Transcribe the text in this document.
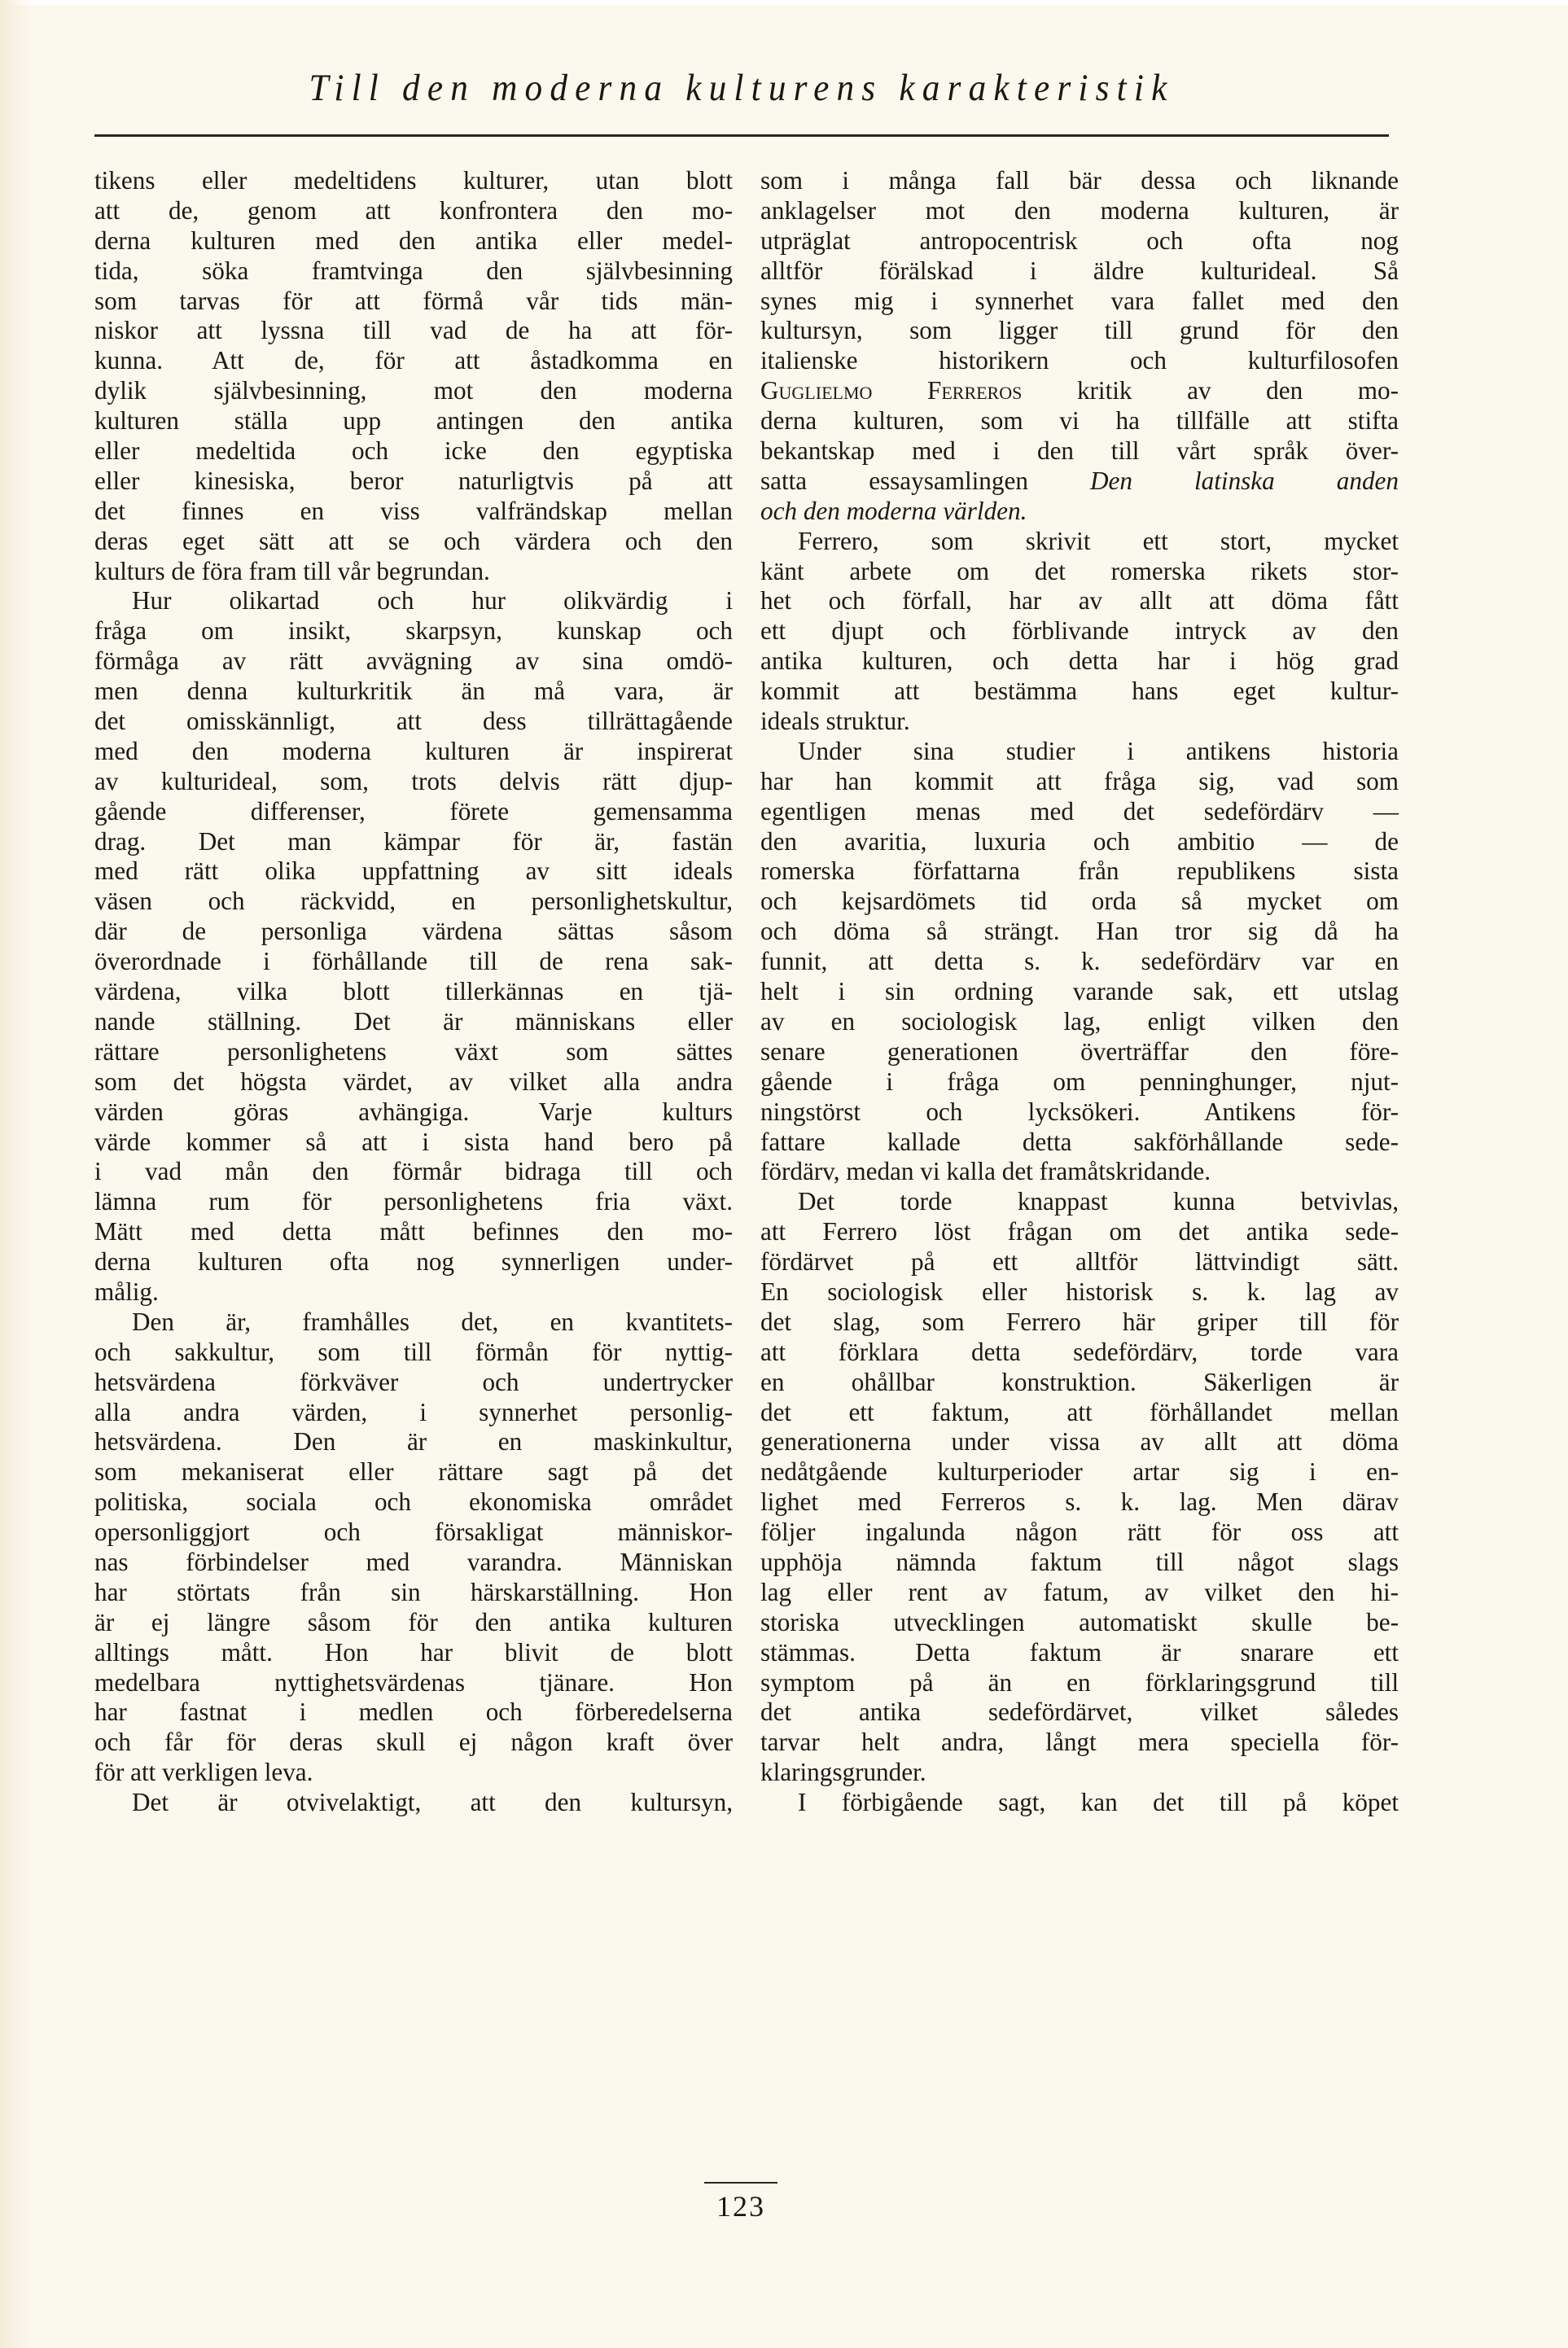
Till den moderna kulturens karakteristik
tikens eller medeltidens kulturer, utan blott
att de, genom att konfrontera den mo-
derna kulturen med den antika eller medel-
tida, söka framtvinga den självbesinning
som tarvas för att förmå vår tids män-
niskor att lyssna till vad de ha att för-
kunna. Att de, för att åstadkomma en
dylik självbesinning, mot den moderna
kulturen ställa upp antingen den antika
eller medeltida och icke den egyptiska
eller kinesiska, beror naturligtvis på att
det finnes en viss valfrändskap mellan
deras eget sätt att se och värdera och den
kulturs de föra fram till vår begrundan.
Hur olikartad och hur olikvärdig i
fråga om insikt, skarpsyn, kunskap och
förmåga av rätt avvägning av sina omdö-
men denna kulturkritik än må vara, är
det omisskännligt, att dess tillrättagående
med den moderna kulturen är inspirerat
av kulturideal, som, trots delvis rätt djup-
gående differenser, förete gemensamma
drag. Det man kämpar för är, fastän
med rätt olika uppfattning av sitt ideals
väsen och räckvidd, en personlighetskultur,
där de personliga värdena sättas såsom
överordnade i förhållande till de rena sak-
värdena, vilka blott tillerkännas en tjä-
nande ställning. Det är människans eller
rättare personlighetens växt som sättes
som det högsta värdet, av vilket alla andra
värden göras avhängiga. Varje kulturs
värde kommer så att i sista hand bero på
i vad mån den förmår bidraga till och
lämna rum för personlighetens fria växt.
Mätt med detta mått befinnes den mo-
derna kulturen ofta nog synnerligen under-
målig.
Den är, framhålles det, en kvantitets-
och sakkultur, som till förmån för nyttig-
hetsvärdena förkväver och undertrycker
alla andra värden, i synnerhet personlig-
hetsvärdena. Den är en maskinkultur,
som mekaniserat eller rättare sagt på det
politiska, sociala och ekonomiska området
opersonliggjort och försakligat människor-
nas förbindelser med varandra. Människan
har störtats från sin härskarställning. Hon
är ej längre såsom för den antika kulturen
alltings mått. Hon har blivit de blott
medelbara nyttighetsvärdenas tjänare. Hon
har fastnat i medlen och förberedelserna
och får för deras skull ej någon kraft över
för att verkligen leva.
Det är otvivelaktigt, att den kultursyn,
som i många fall bär dessa och liknande
anklagelser mot den moderna kulturen, är
utpräglat antropocentrisk och ofta nog
alltför förälskad i äldre kulturideal. Så
synes mig i synnerhet vara fallet med den
kultursyn, som ligger till grund för den
italienske historikern och kulturfilosofen
Guglielmo Ferreros kritik av den mo-
derna kulturen, som vi ha tillfälle att stifta
bekantskap med i den till vårt språk över-
satta essaysamlingen Den latinska anden
och den moderna världen.
Ferrero, som skrivit ett stort, mycket
känt arbete om det romerska rikets stor-
het och förfall, har av allt att döma fått
ett djupt och förblivande intryck av den
antika kulturen, och detta har i hög grad
kommit att bestämma hans eget kultur-
ideals struktur.
Under sina studier i antikens historia
har han kommit att fråga sig, vad som
egentligen menas med det sedefördärv —
den avaritia, luxuria och ambitio — de
romerska författarna från republikens sista
och kejsardömets tid orda så mycket om
och döma så strängt. Han tror sig då ha
funnit, att detta s. k. sedefördärv var en
helt i sin ordning varande sak, ett utslag
av en sociologisk lag, enligt vilken den
senare generationen överträffar den före-
gående i fråga om penninghunger, njut-
ningstörst och lycksökeri. Antikens för-
fattare kallade detta sakförhållande sede-
fördärv, medan vi kalla det framåtskridande.
Det torde knappast kunna betvivlas,
att Ferrero löst frågan om det antika sede-
fördärvet på ett alltför lättvindigt sätt.
En sociologisk eller historisk s. k. lag av
det slag, som Ferrero här griper till för
att förklara detta sedefördärv, torde vara
en ohållbar konstruktion. Säkerligen är
det ett faktum, att förhållandet mellan
generationerna under vissa av allt att döma
nedåtgående kulturperioder artar sig i en-
lighet med Ferreros s. k. lag. Men därav
följer ingalunda någon rätt för oss att
upphöja nämnda faktum till något slags
lag eller rent av fatum, av vilket den hi-
storiska utvecklingen automatiskt skulle be-
stämmas. Detta faktum är snarare ett
symptom på än en förklaringsgrund till
det antika sedefördärvet, vilket således
tarvar helt andra, långt mera speciella för-
klaringsgrunder.
I förbigående sagt, kan det till på köpet
123
